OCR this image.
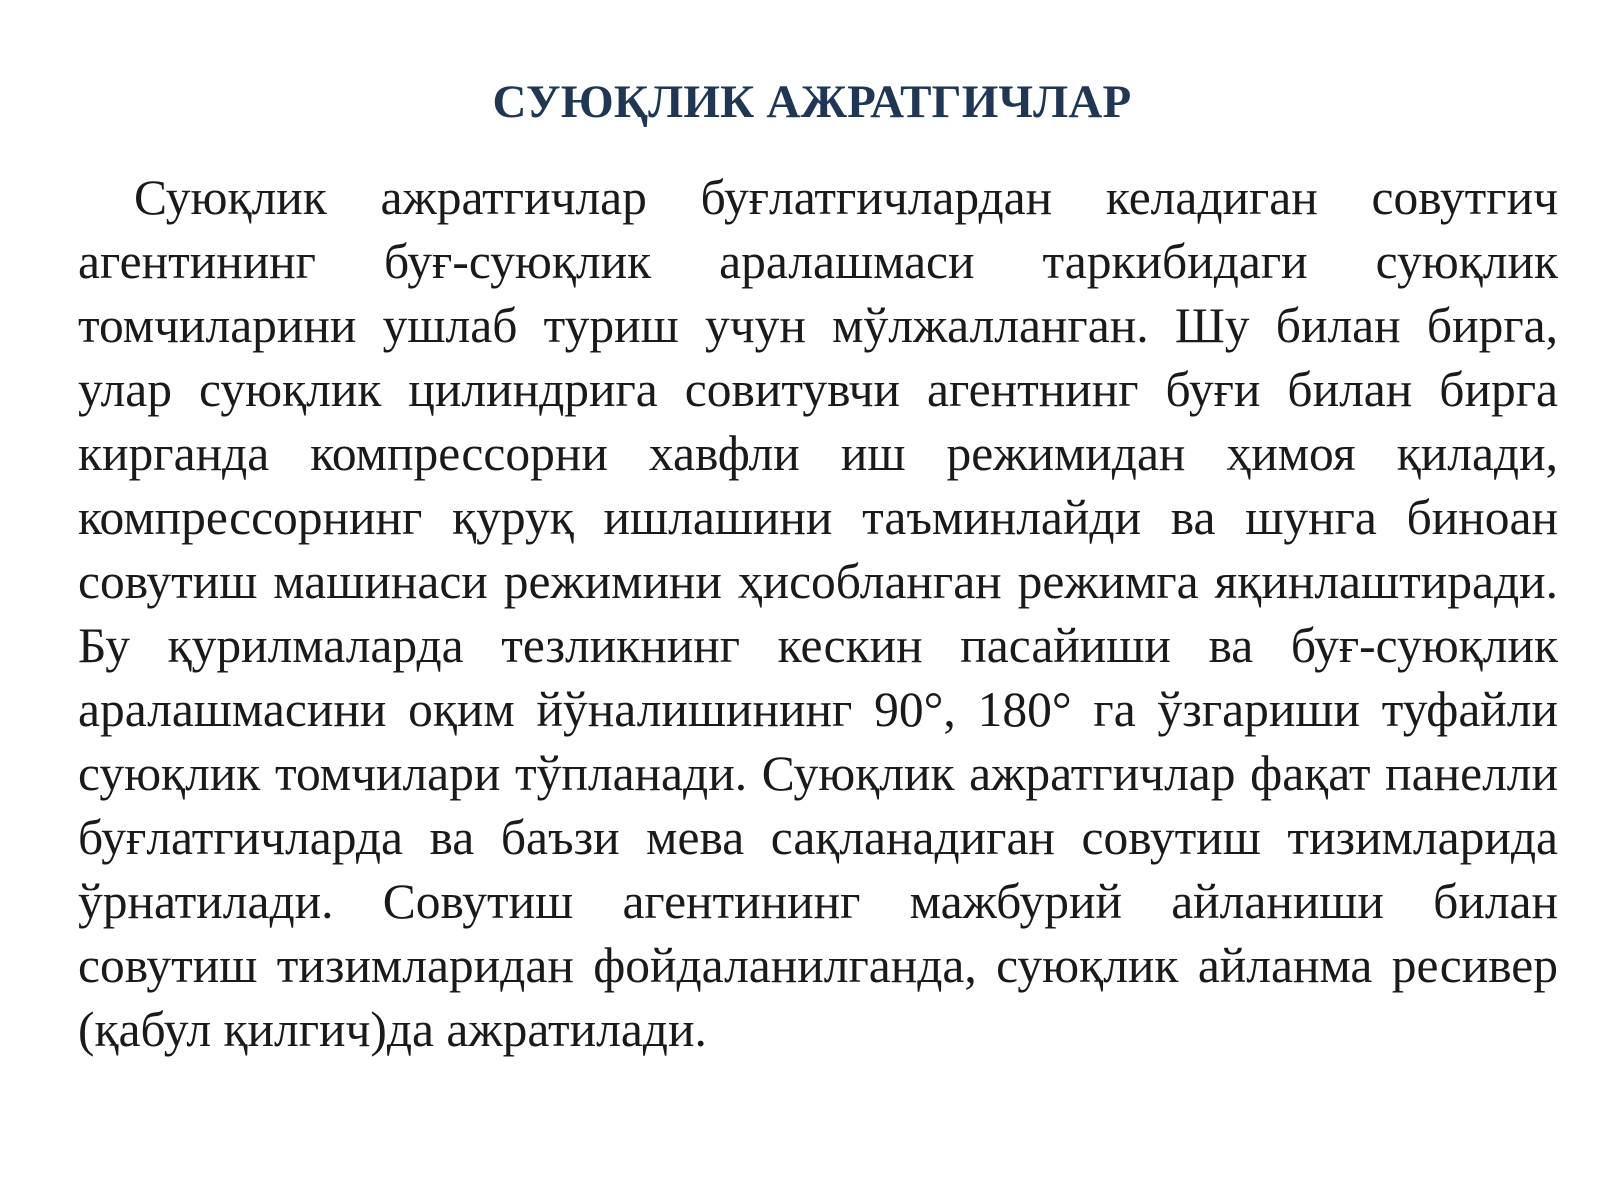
СУЮҚЛИК АЖРАТГИЧЛАР

Суюқлик ажратгичлар буғлатгичлардан келадиган совутгич агентининг буғ-суюқлик аралашмаси таркибидаги суюқлик томчиларини ушлаб туриш учун мўлжалланган. Шу билан бирга, улар суюқлик цилиндрига совитувчи агентнинг буғи билан бирга кирганда компрессорни хавфли иш режимидан ҳимоя қилади, компрессорнинг қуруқ ишлашини таъминлайди ва шунга биноан совутиш машинаси режимини ҳисобланган режимга яқинлаштиради. Бу қурилмаларда тезликнинг кескин пасайиши ва буғ-суюқлик аралашмасини оқим йўналишининг 90°, 180° га ўзгариши туфайли суюқлик томчилари тўпланади. Суюқлик ажратгичлар фақат панелли буғлатгичларда ва баъзи мева сақланадиган совутиш тизимларида ўрнатилади. Совутиш агентининг мажбурий айланиши билан совутиш тизимларидан фойдаланилганда, суюқлик айланма ресивер (қабул қилгич)да ажратилади.
